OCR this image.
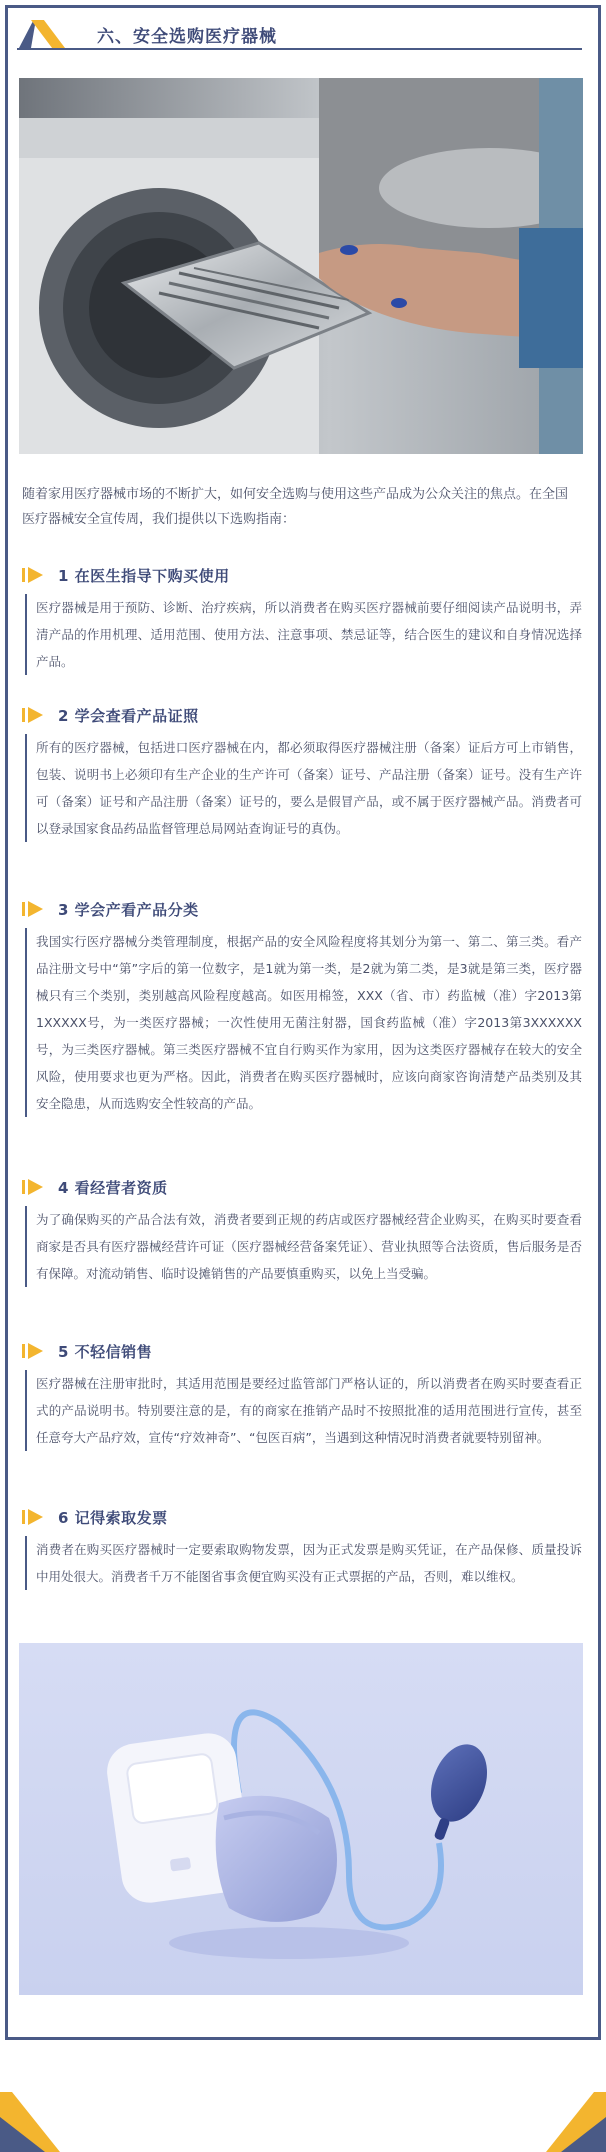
六、安全选购医疗器械
随着家用医疗器械市场的不断扩大，如何安全选购与使用这些产品成为公众关注的焦点。在全国医疗器械安全宣传周，我们提供以下选购指南：
1 在医生指导下购买使用
医疗器械是用于预防、诊断、治疗疾病，所以消费者在购买医疗器械前要仔细阅读产品说明书，弄清产品的作用机理、适用范围、使用方法、注意事项、禁忌证等，结合医生的建议和自身情况选择产品。
2 学会查看产品证照
所有的医疗器械，包括进口医疗器械在内，都必须取得医疗器械注册（备案）证后方可上市销售，包装、说明书上必须印有生产企业的生产许可（备案）证号、产品注册（备案）证号。没有生产许可（备案）证号和产品注册（备案）证号的，要么是假冒产品，或不属于医疗器械产品。消费者可以登录国家食品药品监督管理总局网站查询证号的真伪。
3 学会产看产品分类
我国实行医疗器械分类管理制度，根据产品的安全风险程度将其划分为第一、第二、第三类。看产品注册文号中“第”字后的第一位数字，是1就为第一类，是2就为第二类，是3就是第三类，医疗器械只有三个类别，类别越高风险程度越高。如医用棉签，XXX（省、市）药监械（准）字2013第1XXXXX号，为一类医疗器械；一次性使用无菌注射器，国食药监械（准）字2013第3XXXXXX号，为三类医疗器械。第三类医疗器械不宜自行购买作为家用，因为这类医疗器械存在较大的安全风险，使用要求也更为严格。因此，消费者在购买医疗器械时，应该向商家咨询清楚产品类别及其安全隐患，从而选购安全性较高的产品。
4 看经营者资质
为了确保购买的产品合法有效，消费者要到正规的药店或医疗器械经营企业购买，在购买时要查看商家是否具有医疗器械经营许可证（医疗器械经营备案凭证）、营业执照等合法资质，售后服务是否有保障。对流动销售、临时设摊销售的产品要慎重购买，以免上当受骗。
5 不轻信销售
医疗器械在注册审批时，其适用范围是要经过监管部门严格认证的，所以消费者在购买时要查看正式的产品说明书。特别要注意的是，有的商家在推销产品时不按照批准的适用范围进行宣传，甚至任意夸大产品疗效，宣传“疗效神奇”、“包医百病”，当遇到这种情况时消费者就要特别留神。
6 记得索取发票
消费者在购买医疗器械时一定要索取购物发票，因为正式发票是购买凭证，在产品保修、质量投诉中用处很大。消费者千万不能图省事贪便宜购买没有正式票据的产品，否则，难以维权。
